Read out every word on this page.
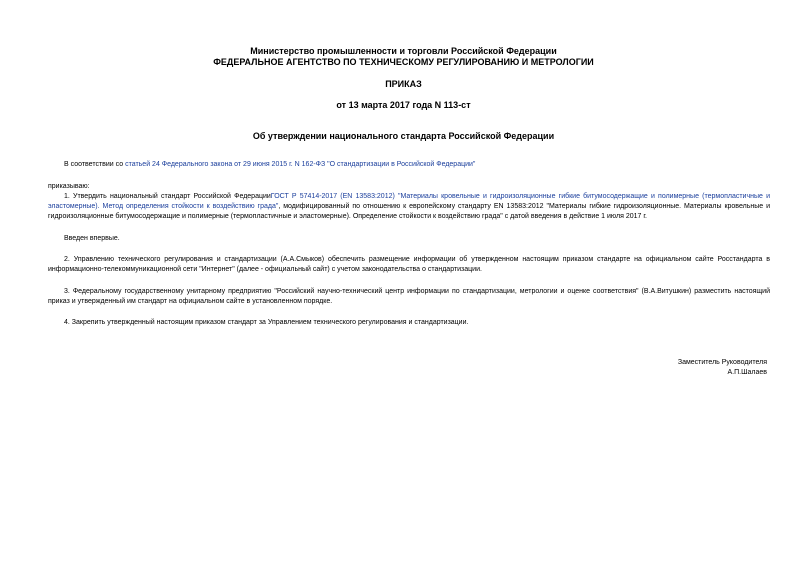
Министерство промышленности и торговли Российской Федерации
ФЕДЕРАЛЬНОЕ АГЕНТСТВО ПО ТЕХНИЧЕСКОМУ РЕГУЛИРОВАНИЮ И МЕТРОЛОГИИ
ПРИКАЗ
от 13 марта 2017 года N 113-ст
Об утверждении национального стандарта Российской Федерации
В соответствии со статьей 24 Федерального закона от 29 июня 2015 г. N 162-ФЗ "О стандартизации в Российской Федерации"
приказываю:
1. Утвердить национальный стандарт Российской ФедерацииГОСТ Р 57414-2017 (EN 13583:2012) "Материалы кровельные и гидроизоляционные гибкие битумосодержащие и полимерные (термопластичные и эластомерные). Метод определения стойкости к воздействию града", модифицированный по отношению к европейскому стандарту EN 13583:2012 "Материалы гибкие гидроизоляционные. Материалы кровельные и гидроизоляционные битумосодержащие и полимерные (термопластичные и эластомерные). Определение стойкости к воздействию града" с датой введения в действие 1 июля 2017 г.
Введен впервые.
2. Управлению технического регулирования и стандартизации (А.А.Смыков) обеспечить размещение информации об утвержденном настоящим приказом стандарте на официальном сайте Росстандарта в информационно-телекоммуникационной сети "Интернет" (далее - официальный сайт) с учетом законодательства о стандартизации.
3. Федеральному государственному унитарному предприятию "Российский научно-технический центр информации по стандартизации, метрологии и оценке соответствия" (В.А.Витушкин) разместить настоящий приказ и утвержденный им стандарт на официальном сайте в установленном порядке.
4. Закрепить утвержденный настоящим приказом стандарт за Управлением технического регулирования и стандартизации.
Заместитель Руководителя
А.П.Шалаев
